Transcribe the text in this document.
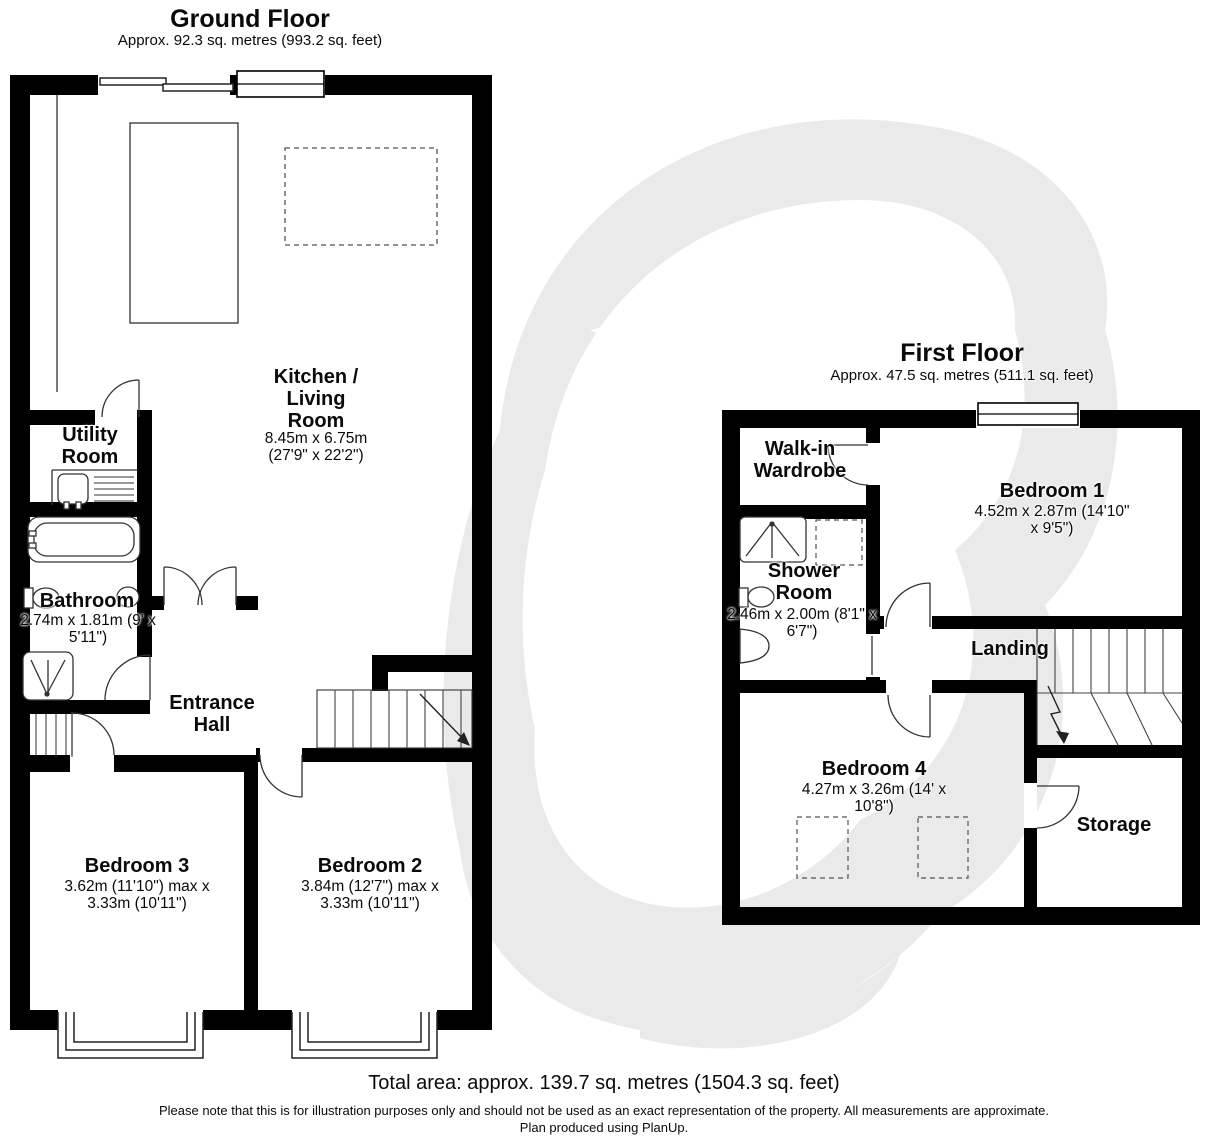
Ground Floor
Approx. 92.3 sq. metres (993.2 sq. feet)
First Floor
Approx. 47.5 sq. metres (511.1 sq. feet)
Kitchen / Living Room
8.45m x 6.75m (27'9" x 22'2")
Utility Room
Bathroom
2.74m x 1.81m (9' x 5'11")
Entrance Hall
Bedroom 3
3.62m (11'10") max x 3.33m (10'11")
Bedroom 2
3.84m (12'7") max x 3.33m (10'11")
Walk-in Wardrobe
Bedroom 1
4.52m x 2.87m (14'10" x 9'5")
Shower Room
2.46m x 2.00m (8'1" x 6'7")
Landing
Bedroom 4
4.27m x 3.26m (14' x 10'8")
Storage
Total area: approx. 139.7 sq. metres (1504.3 sq. feet)
Please note that this is for illustration purposes only and should not be used as an exact representation of the property. All measurements are approximate.
Plan produced using PlanUp.
